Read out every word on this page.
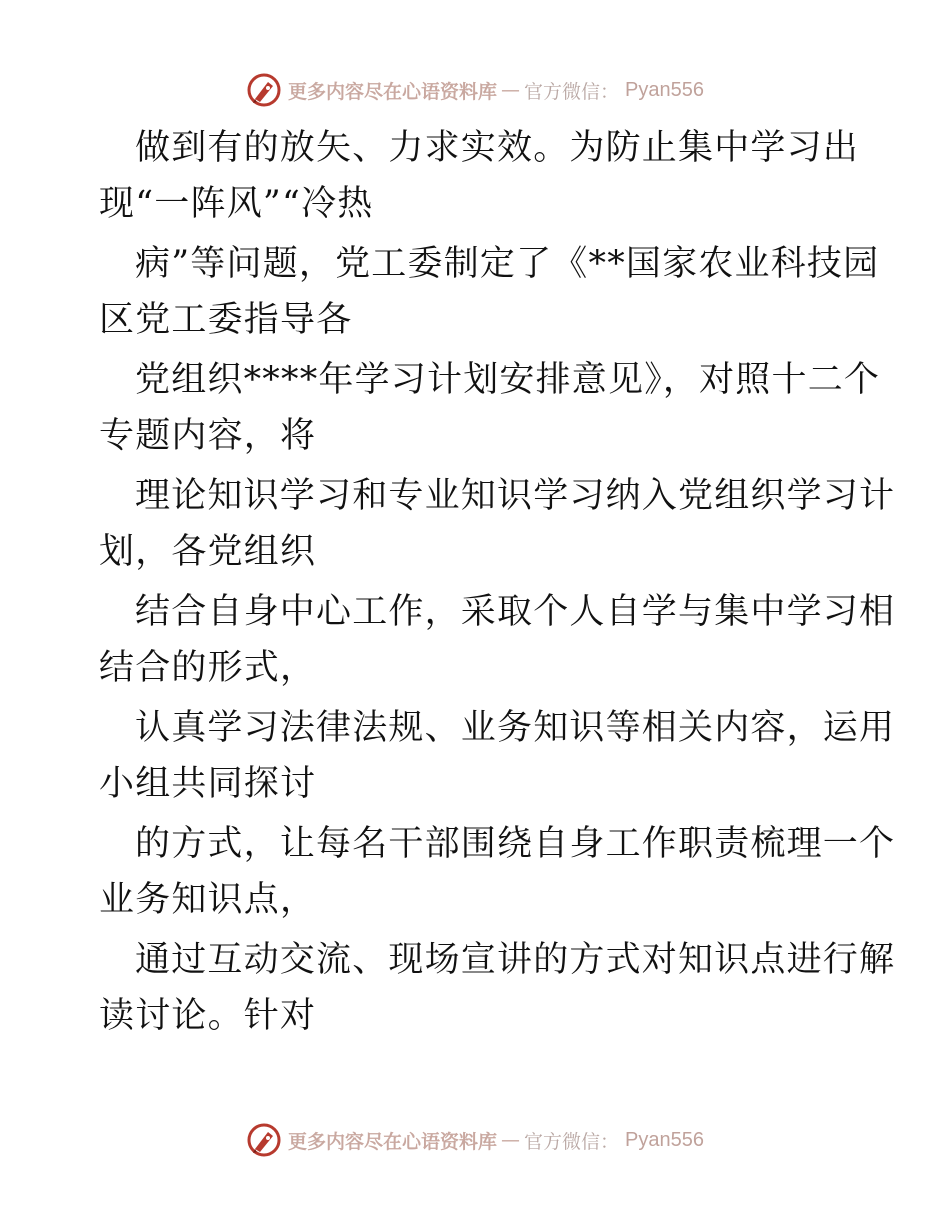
更多内容尽在心语资料库 — 官方微信： Pyan556
做到有的放矢、力求实效。为防止集中学习出
现“一阵风”“冷热
病”等问题，党工委制定了《**国家农业科技园
区党工委指导各
党组织****年学习计划安排意见》，对照十二个
专题内容，将
理论知识学习和专业知识学习纳入党组织学习计
划，各党组织
结合自身中心工作，采取个人自学与集中学习相
结合的形式，
认真学习法律法规、业务知识等相关内容，运用
小组共同探讨
的方式，让每名干部围绕自身工作职责梳理一个
业务知识点，
通过互动交流、现场宣讲的方式对知识点进行解
读讨论。针对
更多内容尽在心语资料库 — 官方微信： Pyan556
